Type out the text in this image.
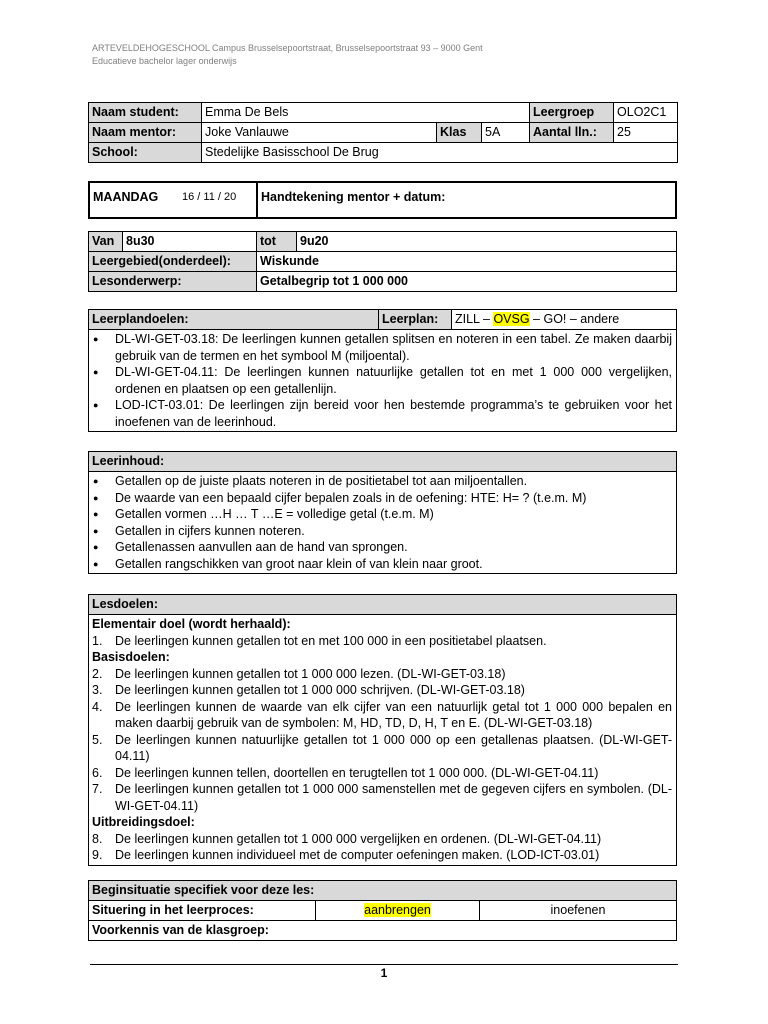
ARTEVELDEHOGESCHOOL Campus Brusselsepoortstraat, Brusselsepoortstraat 93 – 9000 Gent
Educatieve bachelor lager onderwijs
Naam student:	Emma De Bels			Leergroep	OLO2C1
Naam mentor:	Joke Vanlauwe	Klas	5A	Aantal lln.:	25
School:	Stedelijke Basisschool De Brug				
MAANDAG	16 / 11 / 20	Handtekening mentor + datum:
Van	8u30	tot	9u20
Leergebied(onderdeel):		Wiskunde	
Lesonderwerp:		Getalbegrip tot 1 000 000	
Leerplandoelen:	Leerplan:	ZILL – OVSG – GO! – andere

● DL-WI-GET-03.18: De leerlingen kunnen getallen splitsen en noteren in een tabel. Ze maken daarbij gebruik van de termen en het symbool M (miljoental).
● DL-WI-GET-04.11: De leerlingen kunnen natuurlijke getallen tot en met 1 000 000 vergelijken, ordenen en plaatsen op een getallenlijn.
● LOD-ICT-03.01: De leerlingen zijn bereid voor hen bestemde programma’s te gebruiken voor het inoefenen van de leerinhoud.
Leerinhoud:

● Getallen op de juiste plaats noteren in de positietabel tot aan miljoentallen.
● De waarde van een bepaald cijfer bepalen zoals in de oefening: HTE: H= ? (t.e.m. M)
● Getallen vormen …H … T …E = volledige getal (t.e.m. M)
● Getallen in cijfers kunnen noteren.
● Getallenassen aanvullen aan de hand van sprongen.
● Getallen rangschikken van groot naar klein of van klein naar groot.
Lesdoelen:

Elementair doel (wordt herhaald):
1. De leerlingen kunnen getallen tot en met 100 000 in een positietabel plaatsen.
Basisdoelen:
2. De leerlingen kunnen getallen tot 1 000 000 lezen. (DL-WI-GET-03.18)
3. De leerlingen kunnen getallen tot 1 000 000 schrijven. (DL-WI-GET-03.18)
4. De leerlingen kunnen de waarde van elk cijfer van een natuurlijk getal tot 1 000 000 bepalen en maken daarbij gebruik van de symbolen: M, HD, TD, D, H, T en E. (DL-WI-GET-03.18)
5. De leerlingen kunnen natuurlijke getallen tot 1 000 000 op een getallenas plaatsen. (DL-WI-GET-04.11)
6. De leerlingen kunnen tellen, doortellen en terugtellen tot 1 000 000. (DL-WI-GET-04.11)
7. De leerlingen kunnen getallen tot 1 000 000 samenstellen met de gegeven cijfers en symbolen. (DL-WI-GET-04.11)
Uitbreidingsdoel:
8. De leerlingen kunnen getallen tot 1 000 000 vergelijken en ordenen. (DL-WI-GET-04.11)
9. De leerlingen kunnen individueel met de computer oefeningen maken. (LOD-ICT-03.01)
Beginsituatie specifiek voor deze les:
Situering in het leerproces:	aanbrengen	inoefenen
Voorkennis van de klasgroep:
1
